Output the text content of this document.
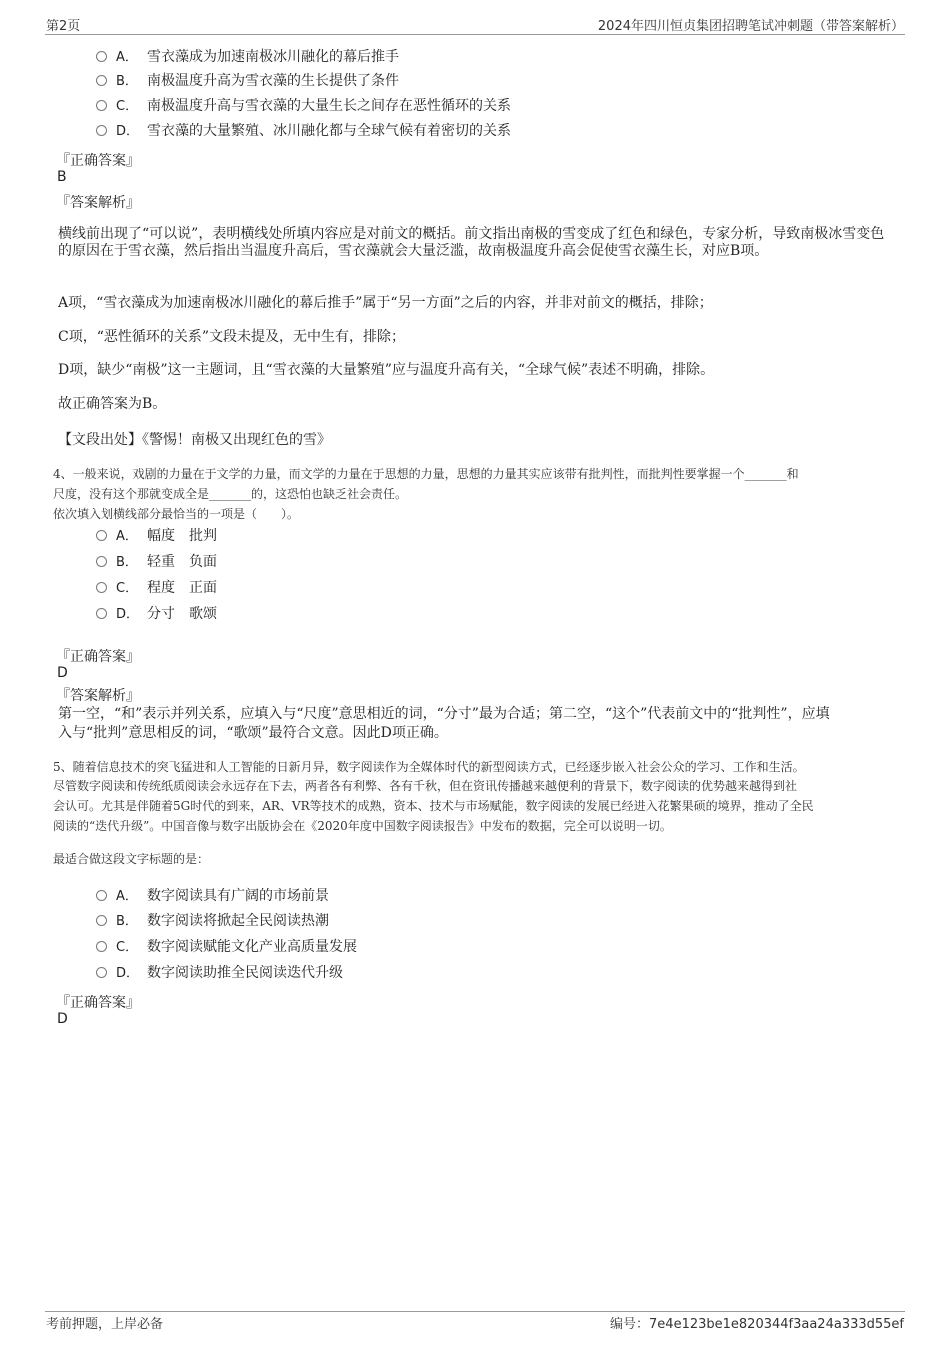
第2页	2024年四川恒贞集团招聘笔试冲刺题（带答案解析）
A． 雪衣藻成为加速南极冰川融化的幕后推手
B． 南极温度升高为雪衣藻的生长提供了条件
C． 南极温度升高与雪衣藻的大量生长之间存在恶性循环的关系
D． 雪衣藻的大量繁殖、冰川融化都与全球气候有着密切的关系
『正确答案』
B
『答案解析』
横线前出现了“可以说”，表明横线处所填内容应是对前文的概括。前文指出南极的雪变成了红色和绿色，专家分析，导致南极冰雪变色的原因在于雪衣藻，然后指出当温度升高后，雪衣藻就会大量泛滥，故南极温度升高会促使雪衣藻生长，对应B项。
A项，“雪衣藻成为加速南极冰川融化的幕后推手”属于“另一方面”之后的内容，并非对前文的概括，排除；
C项，“恶性循环的关系”文段未提及，无中生有，排除；
D项，缺少“南极”这一主题词，且“雪衣藻的大量繁殖”应与温度升高有关，“全球气候”表述不明确，排除。
故正确答案为B。
【文段出处】《警惕！南极又出现红色的雪》
4、一般来说，戏剧的力量在于文学的力量，而文学的力量在于思想的力量，思想的力量其实应该带有批判性，而批判性要掌握一个_______和
尺度，没有这个那就变成全是_______的，这恐怕也缺乏社会责任。
依次填入划横线部分最恰当的一项是（　　）。
A． 幅度　批判
B． 轻重　负面
C． 程度　正面
D． 分寸　歌颂
『正确答案』
D
『答案解析』
第一空，“和”表示并列关系，应填入与“尺度”意思相近的词，“分寸”最为合适；第二空，“这个”代表前文中的“批判性”，应填
入与“批判”意思相反的词，“歌颂”最符合文意。因此D项正确。
5、随着信息技术的突飞猛进和人工智能的日新月异，数字阅读作为全媒体时代的新型阅读方式，已经逐步嵌入社会公众的学习、工作和生活。
尽管数字阅读和传统纸质阅读会永远存在下去，两者各有利弊、各有千秋，但在资讯传播越来越便利的背景下，数字阅读的优势越来越得到社
会认可。尤其是伴随着5G时代的到来，AR、VR等技术的成熟，资本、技术与市场赋能，数字阅读的发展已经进入花繁果硕的境界，推动了全民
阅读的“迭代升级”。中国音像与数字出版协会在《2020年度中国数字阅读报告》中发布的数据，完全可以说明一切。
最适合做这段文字标题的是：
A． 数字阅读具有广阔的市场前景
B． 数字阅读将掀起全民阅读热潮
C． 数字阅读赋能文化产业高质量发展
D． 数字阅读助推全民阅读迭代升级
『正确答案』
D
考前押题，上岸必备	编号：7e4e123be1e820344f3aa24a333d55ef
